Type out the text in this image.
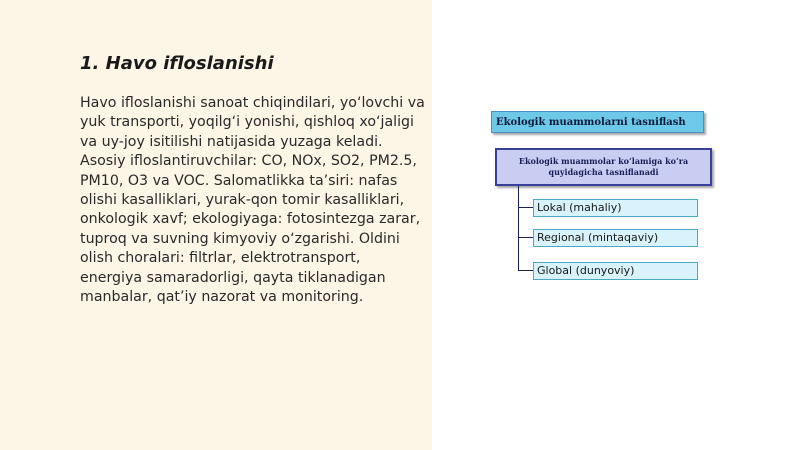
1. Havo ifloslanishi

Havo ifloslanishi sanoat chiqindilari, yo‘lovchi va yuk transporti, yoqilg‘i yonishi, qishloq xo‘jaligi va uy-joy isitilishi natijasida yuzaga keladi. Asosiy ifloslantiruvchilar: CO, NOx, SO2, PM2.5, PM10, O3 va VOC. Salomatlikka ta’siri: nafas olishi kasalliklari, yurak-qon tomir kasalliklari, onkologik xavf; ekologiyaga: fotosintezga zarar, tuproq va suvning kimyoviy o‘zgarishi. Oldini olish choralari: filtrlar, elektrotransport, energiya samaradorligi, qayta tiklanadigan manbalar, qat’iy nazorat va monitoring.

Ekologik muammolarni tasniflash
Ekologik muammolar ko‘lamiga ko‘ra
quyidagicha tasniflanadi
Lokal (mahaliy)
Regional (mintaqaviy)
Global (dunyoviy)
